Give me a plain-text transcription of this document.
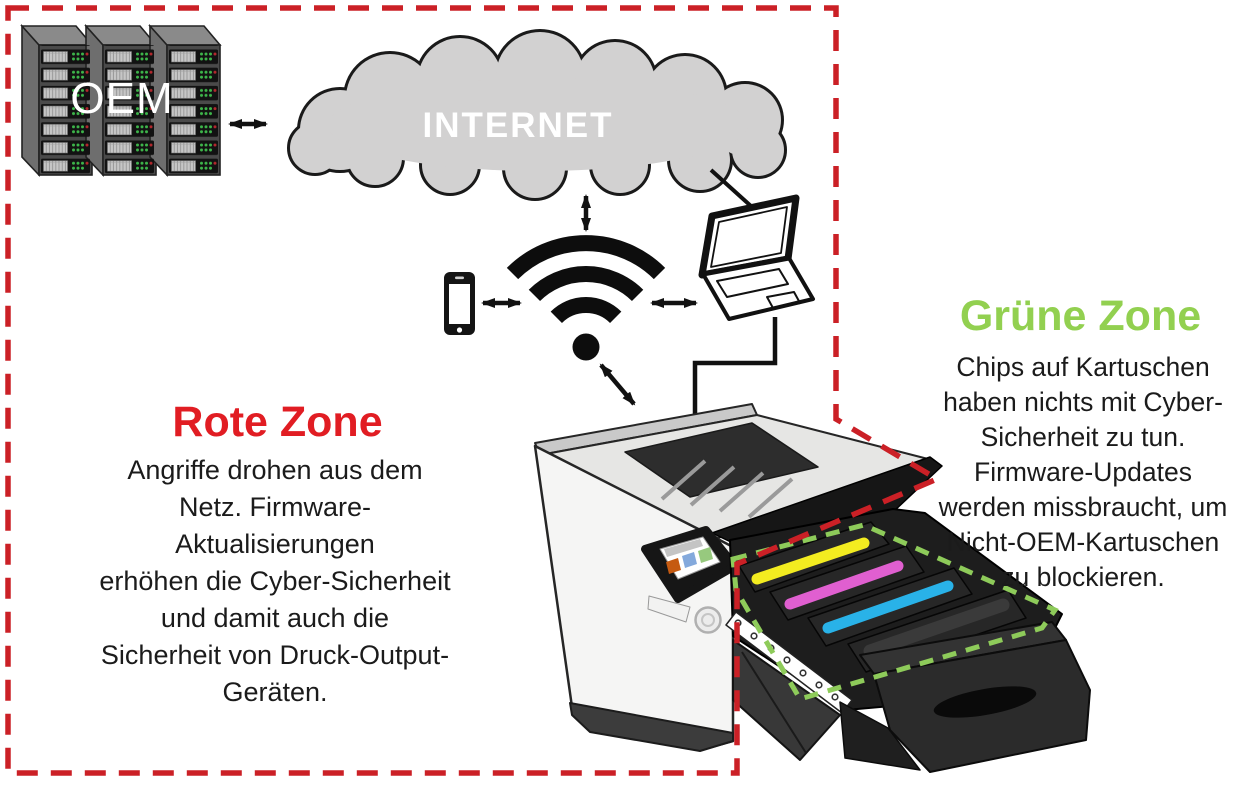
OEM
INTERNET
Rote Zone
Angriffe drohen aus dem
Netz. Firmware-
Aktualisierungen
erhöhen die Cyber-Sicherheit
und damit auch die
Sicherheit von Druck-Output-
Geräten.
Grüne Zone
Chips auf Kartuschen
haben nichts mit Cyber-
Sicherheit zu tun.
Firmware-Updates
werden missbraucht, um
Nicht-OEM-Kartuschen
zu blockieren.
